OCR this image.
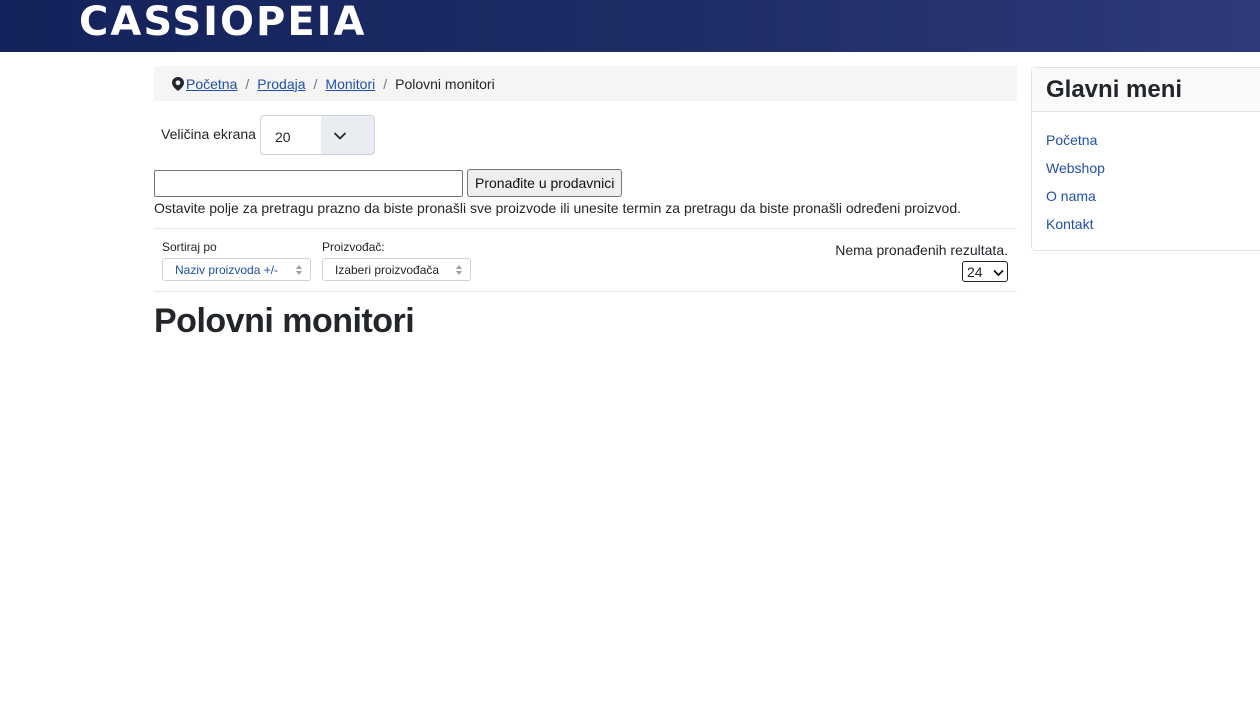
CASSIOPEIA
Početna / Prodaja / Monitori / Polovni monitori
Veličina ekrana	20
Pronađite u prodavnici
Ostavite polje za pretragu prazno da biste pronašli sve proizvode ili unesite termin za pretragu da biste pronašli određeni proizvod.
Sortiraj po
Naziv proizvoda +/-
Proizvođač:
Izaberi proizvođača
Nema pronađenih rezultata.
24
Polovni monitori
Glavni meni
Početna
Webshop
O nama
Kontakt
